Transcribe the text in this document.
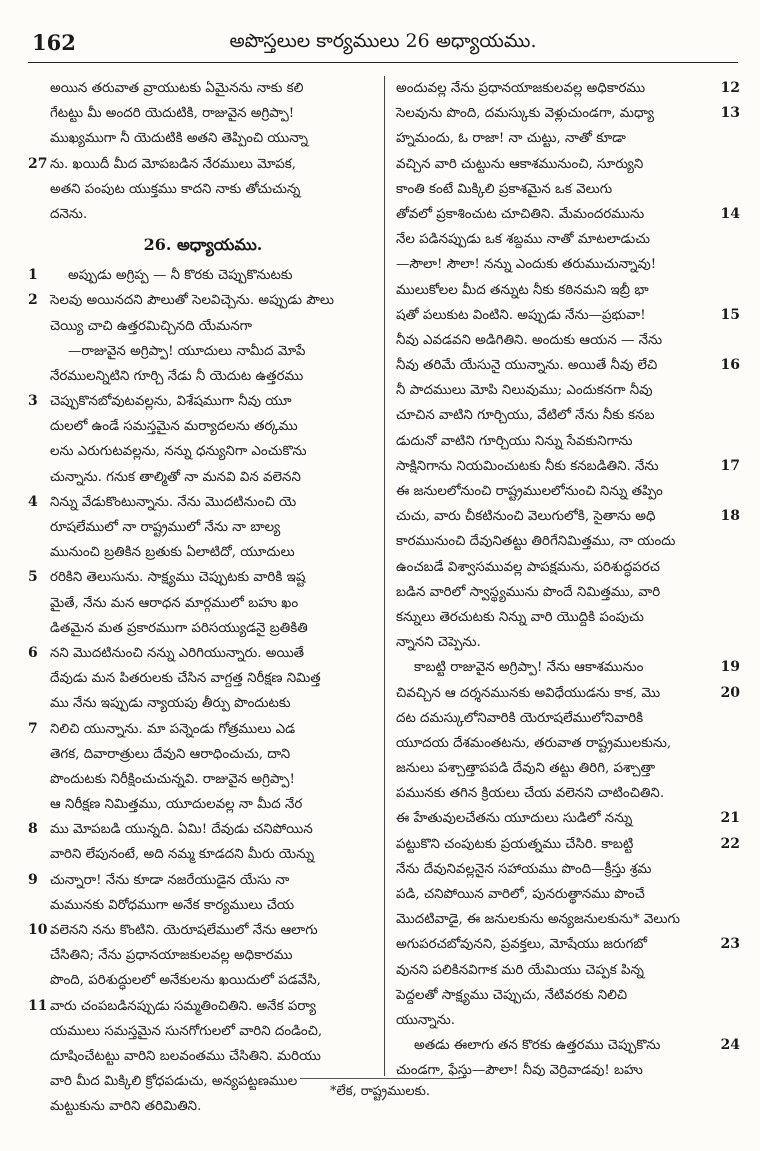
162	అపొస్తలుల కార్యములు 26 అధ్యాయము.
అయిన తరువాత వ్రాయుటకు ఏమైనను నాకు కలి
గేటట్టు మీ అందరి యెదుటికి, రాజువైన అగ్రిప్పా!
ముఖ్యముగా నీ యెదుటికి అతని తెప్పించి యున్నా
27 ను. ఖయిదీ మీద మోపబడిన నేరములు మోపక,
అతని పంపుట యుక్తము కాదని నాకు తోచుచున్న
దనెను.
26. అధ్యాయము.
1	అప్పుడు అగ్రిప్ప — నీ కొరకు చెప్పుకొనుటకు
2 సెలవు అయినదని పౌలుతో సెలవిచ్చెను. అప్పుడు పౌలు
చెయ్యి చాచి ఉత్తరమిచ్చినది యేమనగా
—రాజువైన అగ్రిప్పా! యూదులు నామీద మోపే
నేరములన్నిటిని గూర్చి నేడు నీ యెదుట ఉత్తరము
3 చెప్పుకొనబోవుటవల్లను, విశేషముగా నీవు యూ
దులలో ఉండే సమస్తమైన మర్యాదలను తర్కము
లను ఎరుగుటవల్లను, నన్ను ధన్యునిగా ఎంచుకొను
చున్నాను. గనుక తాల్మితో నా మనవి విన వలెనని
4 నిన్ను వేడుకొంటున్నాను. నేను మొదటినుంచి యె
రూషలేములో నా రాష్ట్రములో నేను నా బాల్య
మునుంచి బ్రతికిన బ్రతుకు ఏలాటిదో, యూదులు
5 రరికిని తెలుసును. సాక్ష్యము చెప్పుటకు వారికి ఇష్ట
మైతే, నేను మన ఆరాధన మార్గములో బహు ఖం
డితమైన మత ప్రకారముగా పరిసయ్యుడనై బ్రతికితి
6 నని మొదటినుంచి నన్ను ఎరిగియున్నారు. అయితే
దేవుడు మన పితరులకు చేసిన వాగ్దత్త నిరీక్షణ నిమిత్త
ము నేను ఇప్పుడు న్యాయపు తీర్పు పొందుటకు
7 నిలిచి యున్నాను. మా పన్నెండు గోత్రములు ఎడ
తెగక, దివారాత్రులు దేవుని ఆరాధించుచు, దాని
పొందుటకు నిరీక్షించుచున్నవి. రాజువైన అగ్రిప్పా!
ఆ నిరీక్షణ నిమిత్తము, యూదులవల్ల నా మీద నేర
8 ము మోపబడి యున్నది. ఏమి! దేవుడు చనిపోయిన
వారిని లేపునంటే, అది నమ్మ కూడదని మీరు యెన్ను
9 చున్నారా! నేను కూడా నజరేయుడైన యేసు నా
మమునకు విరోధముగా అనేక కార్యములు చేయ
10 వలెనని నను కొంటిని. యెరూషలేములో నేను ఆలాగు
చేసితిని; నేను ప్రధానయాజకులవల్ల అధికారము
పొంది, పరిశుద్ధులలో అనేకులను ఖయిదులో పడవేసి,
11 వారు చంపబడినప్పుడు సమ్మతించితిని. అనేక పర్యా
యములు సమస్తమైన సునగోగులలో వారిని దండించి,
దూషించేటట్టు వారిని బలవంతము చేసితిని. మరియు
వారి మీద మిక్కిలి క్రోధపడుచు, అన్యపట్టణముల
మట్టుకును వారిని తరిమితిని.
12
అందువల్ల నేను ప్రధానయాజకులవల్ల అధికారము
13
సెలవును పొంది, దమస్కుకు వెళ్లుచుండగా, మధ్యా
హ్నమందు, ఓ రాజా! నా చుట్టు, నాతో కూడా
వచ్చిన వారి చుట్టును ఆకాశమునుంచి, సూర్యుని
కాంతి కంటే మిక్కిలి ప్రకాశమైన ఒక వెలుగు
14
తోవలో ప్రకాశించుట చూచితిని. మేమందరమును
నేల పడినప్పుడు ఒక శబ్దము నాతో మాటలాడుచు
—సౌలా! సౌలా! నన్ను ఎందుకు తరుముచున్నావు!
ములుకోలల మీద తన్నుట నీకు కఠినమని ఇబ్రీ భా
15
షతో పలుకుట వింటిని. అప్పుడు నేను—ప్రభువా!
నీవు ఎవడవని అడిగితిని. అందుకు ఆయన — నేను
16
నీవు తరిమే యేసునై యున్నాను. అయితే నీవు లేచి
నీ పాదములు మోపి నిలువుము; ఎందుకనగా నీవు
చూచిన వాటిని గూర్చియు, వేటిలో నేను నీకు కనబ
డుదునో వాటిని గూర్చియు నిన్ను సేవకునిగాను
17
సాక్షినిగాను నియమించుటకు నీకు కనబడితిని. నేను
ఈ జనులలోనుంచి రాష్ట్రములలోనుంచి నిన్ను తప్పిం
18
చుచు, వారు చీకటినుంచి వెలుగులోకి, సైతాను అధి
కారమునుంచి దేవునితట్టు తిరిగేనిమిత్తము, నా యందు
ఉంచబడే విశ్వాసమువల్ల పాపక్షమను, పరిశుద్ధపరచ
బడిన వారిలో స్వాస్థ్యమును పొందే నిమిత్తము, వారి
కన్నులు తెరచుటకు నిన్ను వారి యొద్దికి పంపుచు
న్నానని చెప్పెను.
19
కాబట్టి రాజువైన అగ్రిప్పా! నేను ఆకాశమునుం
20
చివచ్చిన ఆ దర్శనమునకు అవిధేయుడను కాక, మొ
దట దమస్కులోనివారికి యెరూషలేములోనివారికి
యూదయ దేశమంతటను, తరువాత రాష్ట్రములకును,
జనులు పశ్చాత్తాపపడి దేవుని తట్టు తిరిగి, పశ్చాత్తా
పమునకు తగిన క్రియలు చేయ వలెనని చాటించితిని.
21
ఈ హేతువులచేతను యూదులు సుడిలో నన్ను
22
పట్టుకొని చంపుటకు ప్రయత్నము చేసిరి. కాబట్టి
నేను దేవునివల్లనైన సహాయము పొంది—క్రీస్తు శ్రమ
పడి, చనిపోయిన వారిలో, పునరుత్థానము పొంచే
మొదటివాడై, ఈ జనులకును అన్యజనులకును* వెలుగు
23
అగుపరచబోవునని, ప్రవక్తలు, మోషేయు జరుగబో
వునని పలికినవిగాక మరి యేమియు చెప్పక పిన్న
పెద్దలతో సాక్ష్యము చెప్పుచు, నేటివరకు నిలిచి
యున్నాను.
24
అతడు ఈలాగు తన కొరకు ఉత్తరము చెప్పుకొను
చుండగా, ఫేస్తు—పౌలా! నీవు వెర్రివాడవు! బహు
*లేక, రాష్ట్రములకు.
